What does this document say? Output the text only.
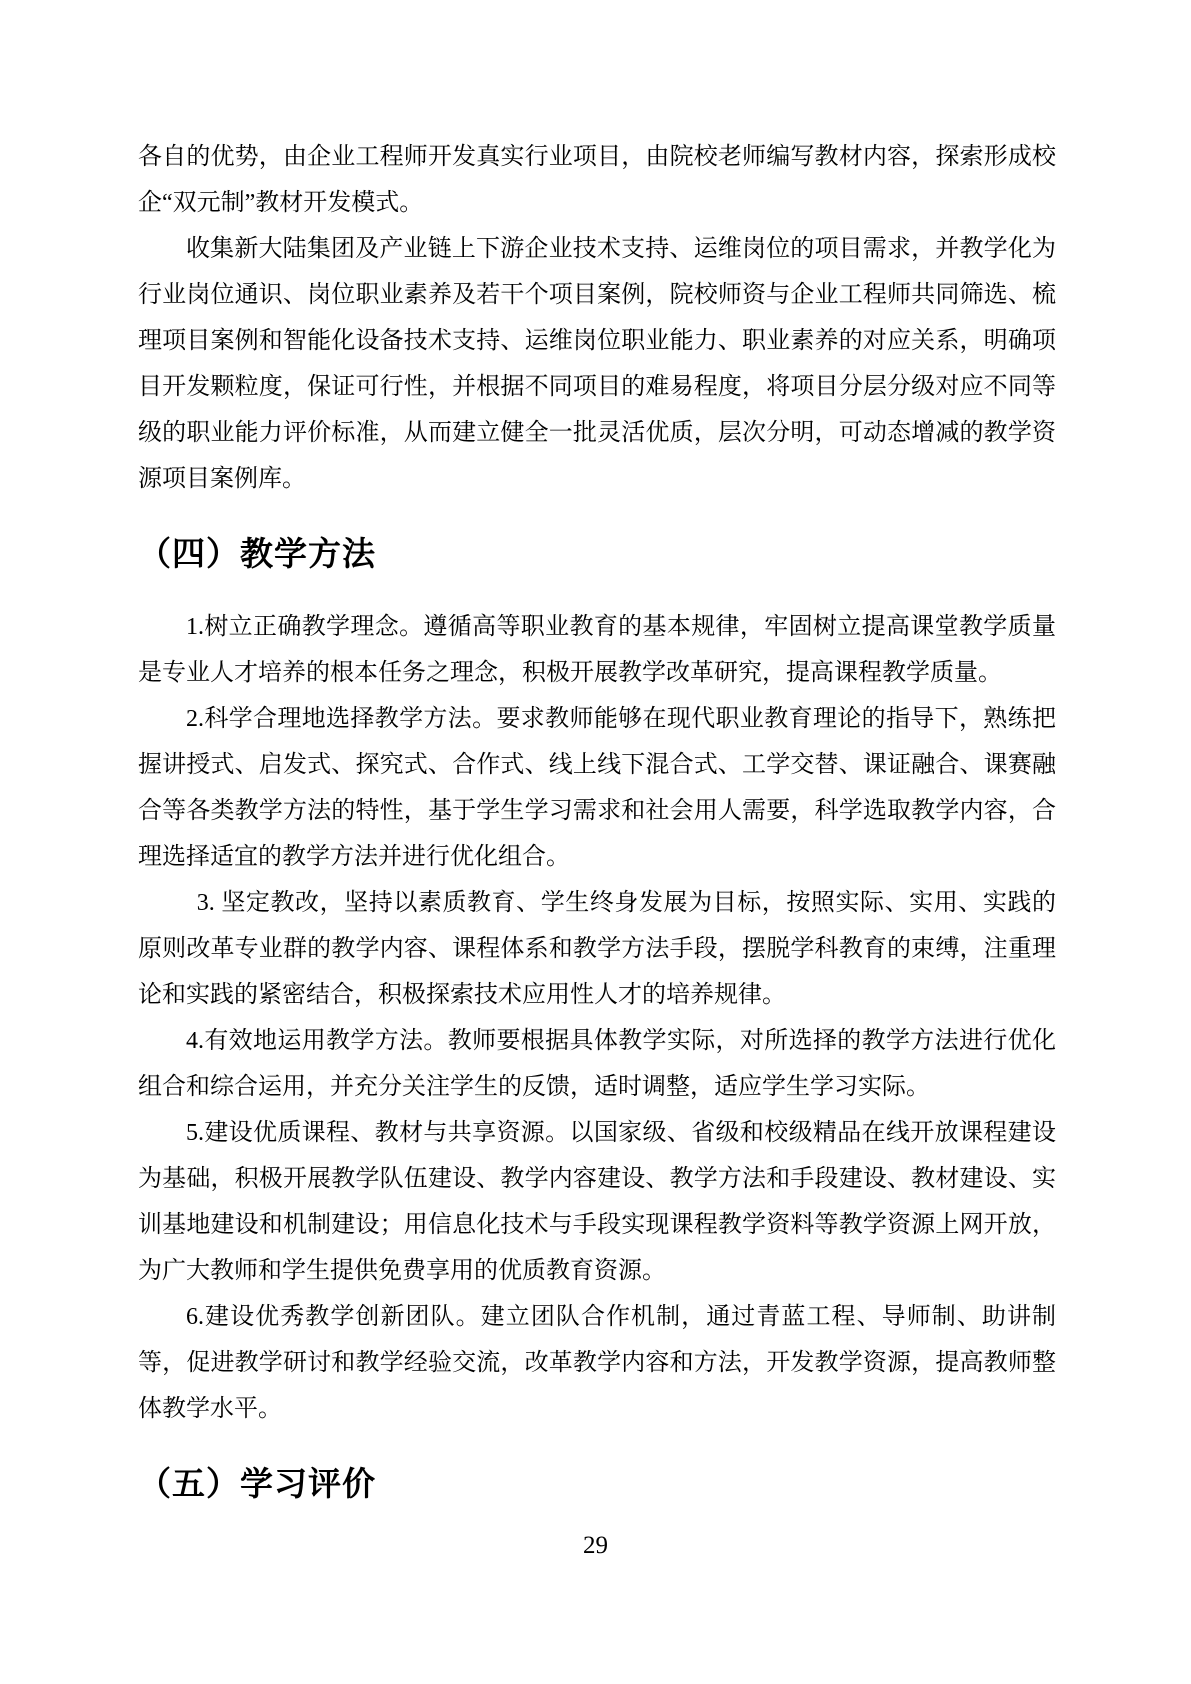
各自的优势，由企业工程师开发真实行业项目，由院校老师编写教材内容，探索形成校企“双元制”教材开发模式。

收集新大陆集团及产业链上下游企业技术支持、运维岗位的项目需求，并教学化为行业岗位通识、岗位职业素养及若干个项目案例，院校师资与企业工程师共同筛选、梳理项目案例和智能化设备技术支持、运维岗位职业能力、职业素养的对应关系，明确项目开发颗粒度，保证可行性，并根据不同项目的难易程度，将项目分层分级对应不同等级的职业能力评价标准，从而建立健全一批灵活优质，层次分明，可动态增减的教学资源项目案例库。

（四）教学方法

1.树立正确教学理念。遵循高等职业教育的基本规律，牢固树立提高课堂教学质量是专业人才培养的根本任务之理念，积极开展教学改革研究，提高课程教学质量。

2.科学合理地选择教学方法。要求教师能够在现代职业教育理论的指导下，熟练把握讲授式、启发式、探究式、合作式、线上线下混合式、工学交替、课证融合、课赛融合等各类教学方法的特性，基于学生学习需求和社会用人需要，科学选取教学内容，合理选择适宜的教学方法并进行优化组合。

3. 坚定教改，坚持以素质教育、学生终身发展为目标，按照实际、实用、实践的原则改革专业群的教学内容、课程体系和教学方法手段，摆脱学科教育的束缚，注重理论和实践的紧密结合，积极探索技术应用性人才的培养规律。

4.有效地运用教学方法。教师要根据具体教学实际，对所选择的教学方法进行优化组合和综合运用，并充分关注学生的反馈，适时调整，适应学生学习实际。

5.建设优质课程、教材与共享资源。以国家级、省级和校级精品在线开放课程建设为基础，积极开展教学队伍建设、教学内容建设、教学方法和手段建设、教材建设、实训基地建设和机制建设；用信息化技术与手段实现课程教学资料等教学资源上网开放，为广大教师和学生提供免费享用的优质教育资源。

6.建设优秀教学创新团队。建立团队合作机制，通过青蓝工程、导师制、助讲制等，促进教学研讨和教学经验交流，改革教学内容和方法，开发教学资源，提高教师整体教学水平。

（五）学习评价
29
